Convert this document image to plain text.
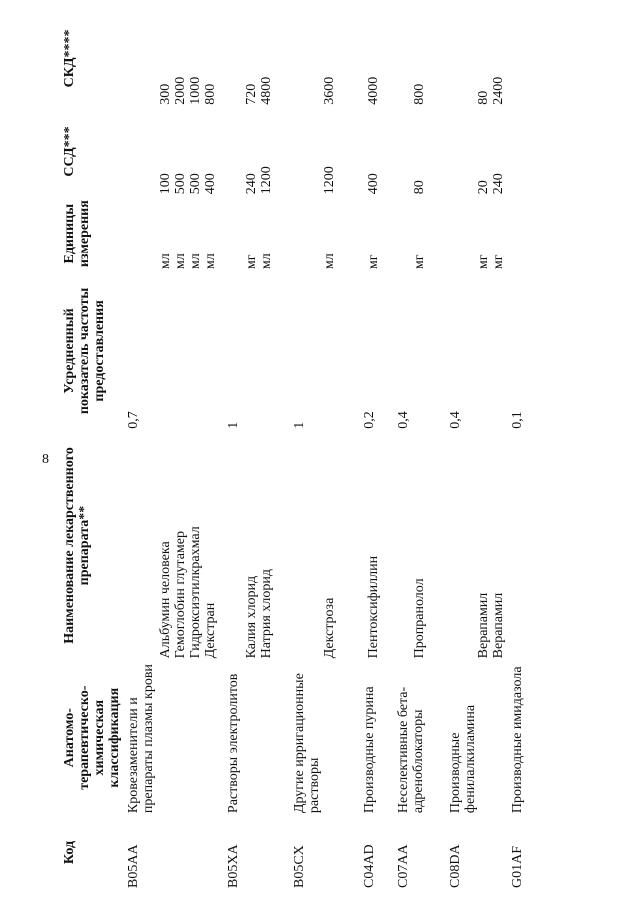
8
Код	Анатомо-терапевтическо-химическая классификация	Наименование лекарственного препарата**	Усредненный показатель частоты предоставления	Единицы измерения	ССД***	СКД****
B05AA	Кровезаменители и препараты плазмы крови	Альбумин человека Гемоглобин глутамер Гидроксиэтилкрахмал Декстран	0,7	мл мл мл мл	100 500 500 400	300 2000 1000 800

B05XA	Растворы электролитов	Калия хлорид Натрия хлорид	1	мг мл	240 1200	720 4800

B05CX	Другие ирригационные растворы	Декстроза	1	мл	1200	3600

C04AD	Производные пурина	Пентоксифиллин	0,2	мг	400	4000

C07AA	Неселективные бета-адреноблокаторы	Пропранолол	0,4	мг	80	800

C08DA	Производные фенилалкиламина	Верапамил Верапамил	0,4	мг мг	20 240	80 2400

G01AF	Производные имидазола		0,1			
